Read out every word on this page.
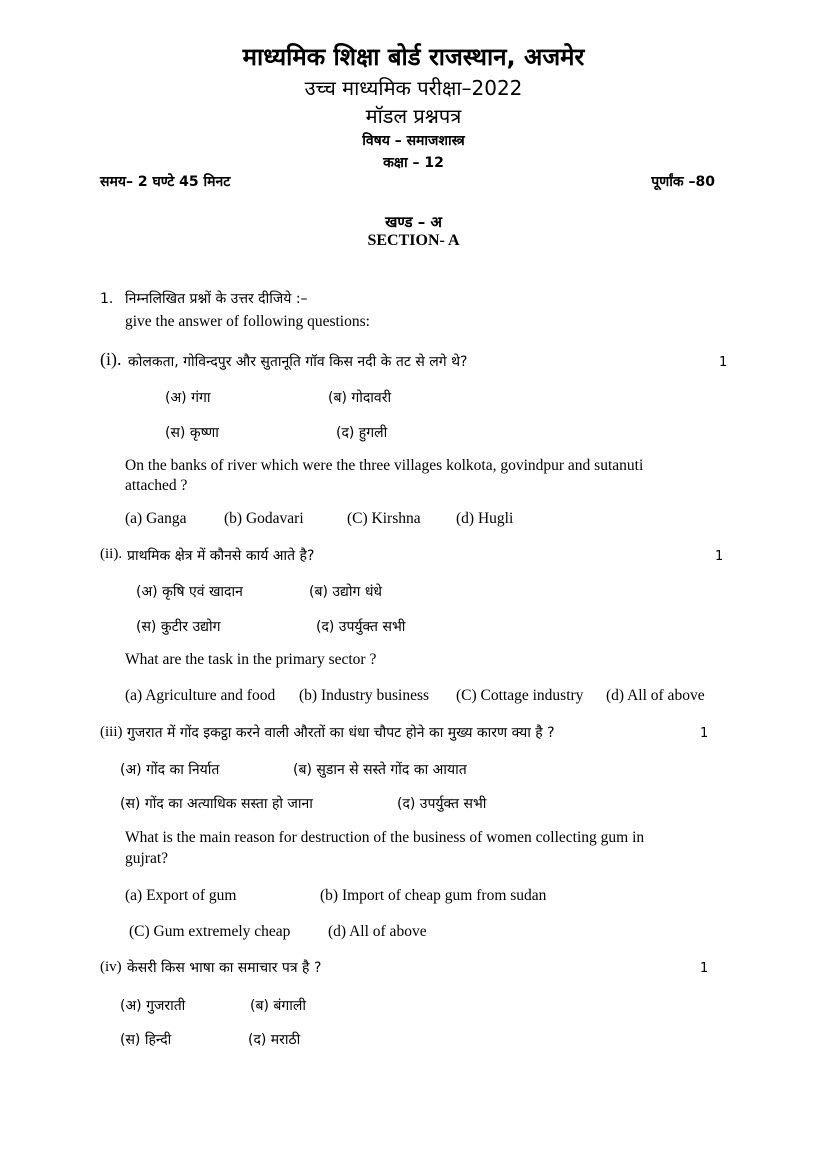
माध्यमिक शिक्षा बोर्ड राजस्थान, अजमेर
उच्च माध्यमिक परीक्षा–2022
मॉडल प्रश्नपत्र
विषय – समाजशास्त्र
कक्षा – 12
समय– 2 घण्टे 45 मिनट	पूर्णांक –80
खण्ड – अ
SECTION- A
1. निम्नलिखित प्रश्नों के उत्तर दीजिये :–
give the answer of following questions:
(i). कोलकता, गोविन्दपुर और सुतानूति गॉव किस नदी के तट से लगे थे?	1
(अ) गंगा	(ब) गोदावरी
(स) कृष्णा	(द) हुगली
On the banks of river which were the three villages kolkota, govindpur and sutanuti
attached ?
(a) Ganga (b) Godavari	(C) Kirshna (d) Hugli
(ii). प्राथमिक क्षेत्र में कौनसे कार्य आते है?	1
(अ) कृषि एवं खादान	(ब) उद्योग धंधे
(स) कुटीर उद्योग	(द) उपर्युक्त सभी
What are the task in the primary sector ?
(a) Agriculture and food (b) Industry business (C) Cottage industry (d) All of above
(iii) गुजरात में गोंद इकट्ठा करने वाली औरतों का धंधा चौपट होने का मुख्य कारण क्या है ?	1
(अ) गोंद का निर्यात	(ब) सुडान से सस्ते गोंद का आयात
(स) गोंद का अत्याधिक सस्ता हो जाना	(द) उपर्युक्त सभी
What is the main reason for destruction of the business of women collecting gum in
gujrat?
(a) Export of gum	(b) Import of cheap gum from sudan
(C) Gum extremely cheap (d) All of above
(iv) केसरी किस भाषा का समाचार पत्र है ?	1
(अ) गुजराती	(ब) बंगाली
(स) हिन्दी	(द) मराठी
